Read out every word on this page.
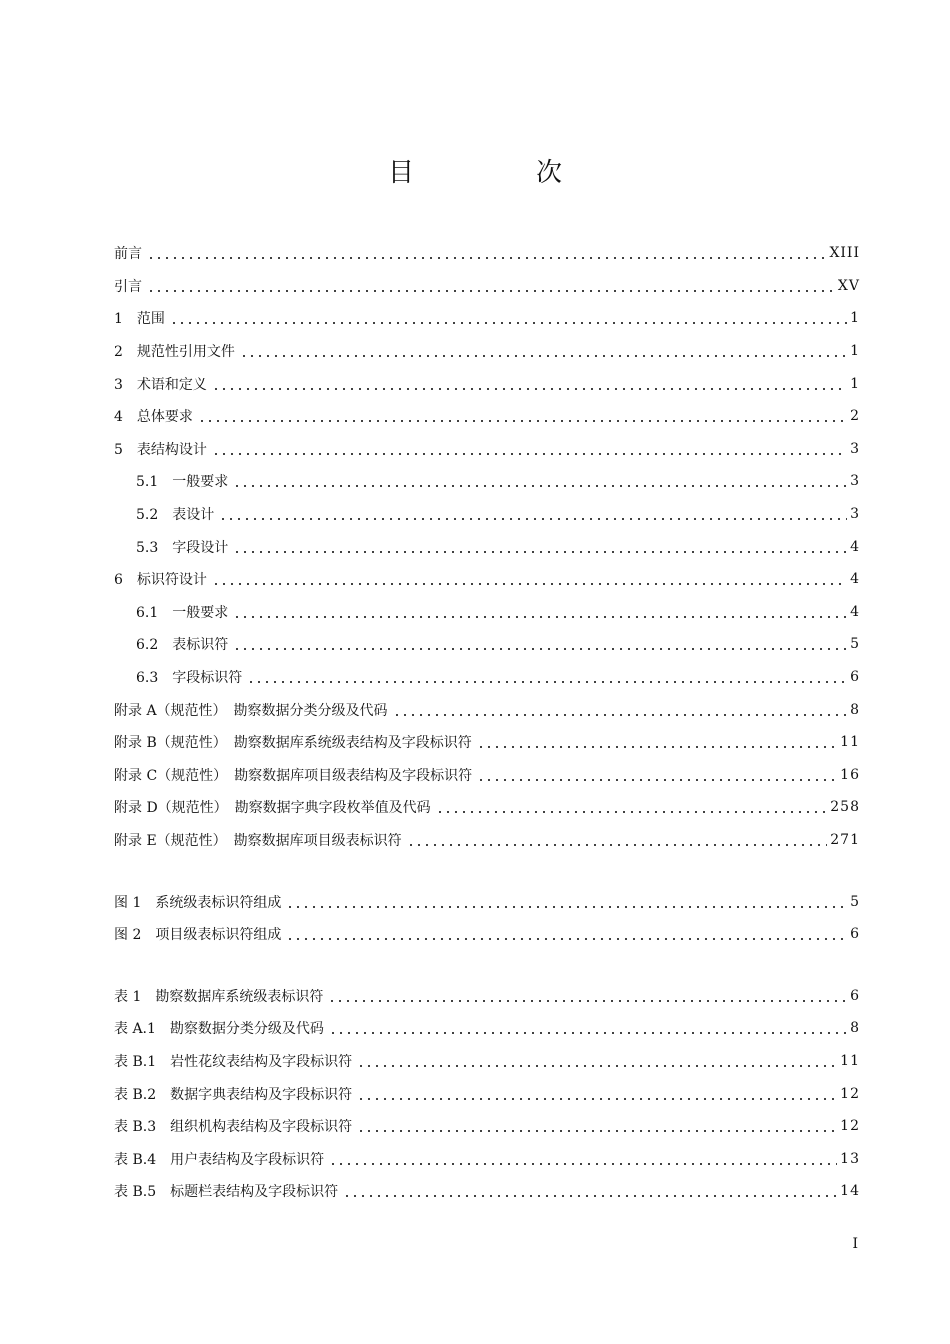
目　次
前言	XIII
引言	XV
1　范围	1
2　规范性引用文件	1
3　术语和定义	1
4　总体要求	2
5　表结构设计	3
5.1　一般要求	3
5.2　表设计	3
5.3　字段设计	4
6　标识符设计	4
6.1　一般要求	4
6.2　表标识符	5
6.3　字段标识符	6
附录 A（规范性）　勘察数据分类分级及代码	8
附录 B（规范性）　勘察数据库系统级表结构及字段标识符	11
附录 C（规范性）　勘察数据库项目级表结构及字段标识符	16
附录 D（规范性）　勘察数据字典字段枚举值及代码	258
附录 E（规范性）　勘察数据库项目级表标识符	271
图 1　系统级表标识符组成	5
图 2　项目级表标识符组成	6
表 1　勘察数据库系统级表标识符	6
表 A.1　勘察数据分类分级及代码	8
表 B.1　岩性花纹表结构及字段标识符	11
表 B.2　数据字典表结构及字段标识符	12
表 B.3　组织机构表结构及字段标识符	12
表 B.4　用户表结构及字段标识符	13
表 B.5　标题栏表结构及字段标识符	14
I
